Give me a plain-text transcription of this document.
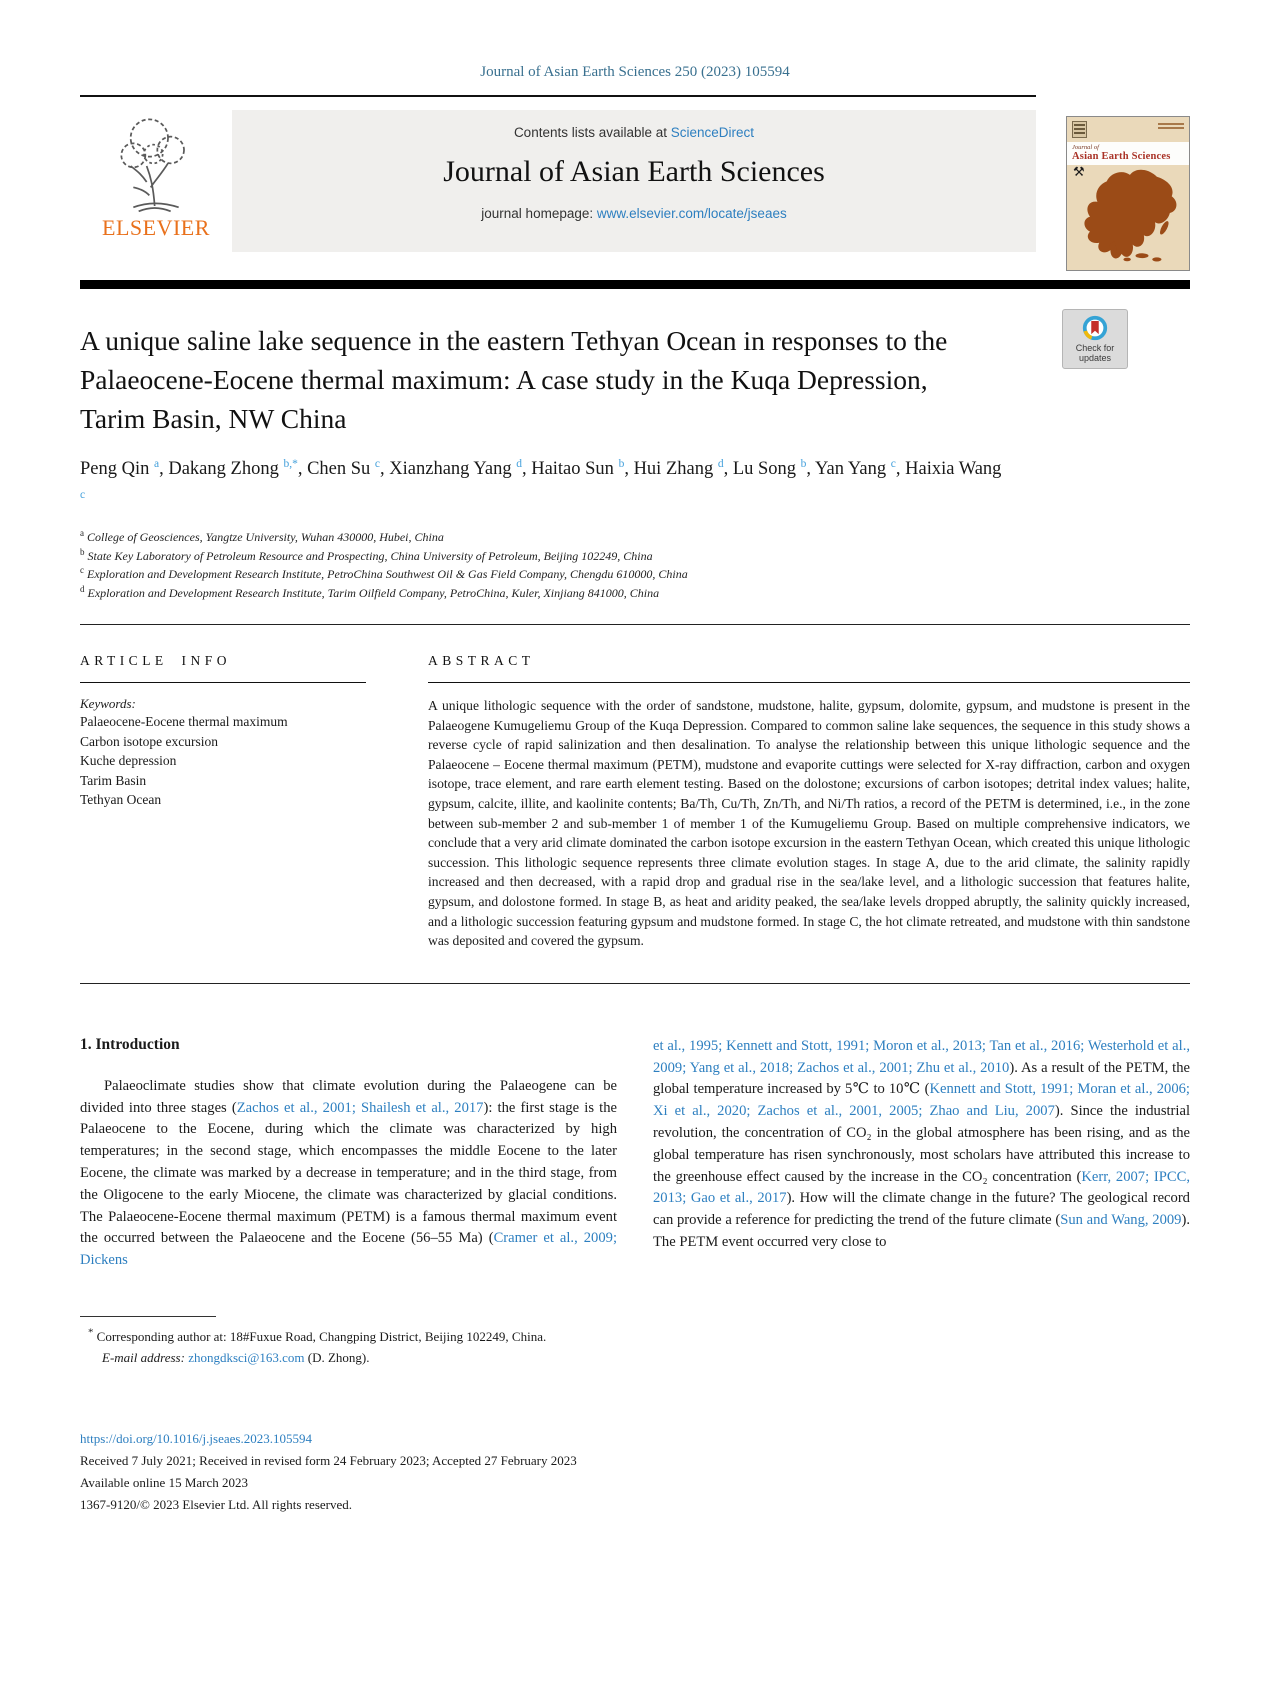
Journal of Asian Earth Sciences 250 (2023) 105594
ELSEVIER
Contents lists available at ScienceDirect
Journal of Asian Earth Sciences
journal homepage: www.elsevier.com/locate/jseaes
Journal of
Asian Earth Sciences
⚒
A unique saline lake sequence in the eastern Tethyan Ocean in responses to the Palaeocene-Eocene thermal maximum: A case study in the Kuqa Depression, Tarim Basin, NW China
Check for
updates
Peng Qin $^a$, Dakang Zhong $^{b,*}$, Chen Su $^c$, Xianzhang Yang $^d$, Haitao Sun $^b$, Hui Zhang $^d$, Lu Song $^b$, Yan Yang $^c$, Haixia Wang $^c$
$^a$ College of Geosciences, Yangtze University, Wuhan 430000, Hubei, China
$^b$ State Key Laboratory of Petroleum Resource and Prospecting, China University of Petroleum, Beijing 102249, China
$^c$ Exploration and Development Research Institute, PetroChina Southwest Oil & Gas Field Company, Chengdu 610000, China
$^d$ Exploration and Development Research Institute, Tarim Oilfield Company, PetroChina, Kuler, Xinjiang 841000, China
ARTICLE INFO
Keywords:
Palaeocene-Eocene thermal maximum
Carbon isotope excursion
Kuche depression
Tarim Basin
Tethyan Ocean
ABSTRACT
A unique lithologic sequence with the order of sandstone, mudstone, halite, gypsum, dolomite, gypsum, and mudstone is present in the Palaeogene Kumugeliemu Group of the Kuqa Depression. Compared to common saline lake sequences, the sequence in this study shows a reverse cycle of rapid salinization and then desalination. To analyse the relationship between this unique lithologic sequence and the Palaeocene – Eocene thermal maximum (PETM), mudstone and evaporite cuttings were selected for X-ray diffraction, carbon and oxygen isotope, trace element, and rare earth element testing. Based on the dolostone; excursions of carbon isotopes; detrital index values; halite, gypsum, calcite, illite, and kaolinite contents; Ba/Th, Cu/Th, Zn/Th, and Ni/Th ratios, a record of the PETM is determined, i.e., in the zone between sub-member 2 and sub-member 1 of member 1 of the Kumugeliemu Group. Based on multiple comprehensive indicators, we conclude that a very arid climate dominated the carbon isotope excursion in the eastern Tethyan Ocean, which created this unique lithologic succession. This lithologic sequence represents three climate evolution stages. In stage A, due to the arid climate, the salinity rapidly increased and then decreased, with a rapid drop and gradual rise in the sea/lake level, and a lithologic succession that features halite, gypsum, and dolostone formed. In stage B, as heat and aridity peaked, the sea/lake levels dropped abruptly, the salinity quickly increased, and a lithologic succession featuring gypsum and mudstone formed. In stage C, the hot climate retreated, and mudstone with thin sandstone was deposited and covered the gypsum.
1. Introduction
Palaeoclimate studies show that climate evolution during the Palaeogene can be divided into three stages (Zachos et al., 2001; Shailesh et al., 2017): the first stage is the Palaeocene to the Eocene, during which the climate was characterized by high temperatures; in the second stage, which encompasses the middle Eocene to the later Eocene, the climate was marked by a decrease in temperature; and in the third stage, from the Oligocene to the early Miocene, the climate was characterized by glacial conditions. The Palaeocene-Eocene thermal maximum (PETM) is a famous thermal maximum event the occurred between the Palaeocene and the Eocene (56–55 Ma) (Cramer et al., 2009; Dickens
et al., 1995; Kennett and Stott, 1991; Moron et al., 2013; Tan et al., 2016; Westerhold et al., 2009; Yang et al., 2018; Zachos et al., 2001; Zhu et al., 2010). As a result of the PETM, the global temperature increased by 5℃ to 10℃ (Kennett and Stott, 1991; Moran et al., 2006; Xi et al., 2020; Zachos et al., 2001, 2005; Zhao and Liu, 2007). Since the industrial revolution, the concentration of CO₂ in the global atmosphere has been rising, and as the global temperature has risen synchronously, most scholars have attributed this increase to the greenhouse effect caused by the increase in the CO₂ concentration (Kerr, 2007; IPCC, 2013; Gao et al., 2017). How will the climate change in the future? The geological record can provide a reference for predicting the trend of the future climate (Sun and Wang, 2009). The PETM event occurred very close to
* Corresponding author at: 18#Fuxue Road, Changping District, Beijing 102249, China.
E-mail address: zhongdksci@163.com (D. Zhong).
https://doi.org/10.1016/j.jseaes.2023.105594
Received 7 July 2021; Received in revised form 24 February 2023; Accepted 27 February 2023
Available online 15 March 2023
1367-9120/© 2023 Elsevier Ltd. All rights reserved.
